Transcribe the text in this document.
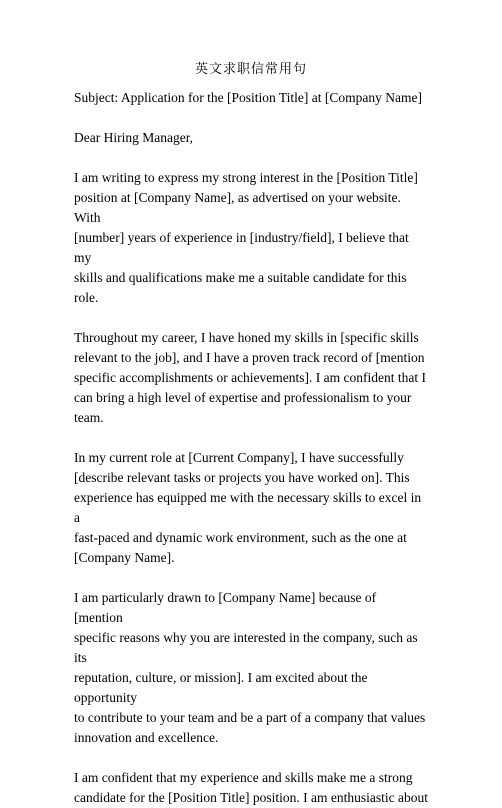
英文求职信常用句
Subject: Application for the [Position Title] at [Company Name]
Dear Hiring Manager,
I am writing to express my strong interest in the [Position Title]
position at [Company Name], as advertised on your website. With
[number] years of experience in [industry/field], I believe that my
skills and qualifications make me a suitable candidate for this role.
Throughout my career, I have honed my skills in [specific skills
relevant to the job], and I have a proven track record of [mention
specific accomplishments or achievements]. I am confident that I
can bring a high level of expertise and professionalism to your
team.
In my current role at [Current Company], I have successfully
[describe relevant tasks or projects you have worked on]. This
experience has equipped me with the necessary skills to excel in a
fast-paced and dynamic work environment, such as the one at
[Company Name].
I am particularly drawn to [Company Name] because of [mention
specific reasons why you are interested in the company, such as its
reputation, culture, or mission]. I am excited about the opportunity
to contribute to your team and be a part of a company that values
innovation and excellence.
I am confident that my experience and skills make me a strong
candidate for the [Position Title] position. I am enthusiastic about
